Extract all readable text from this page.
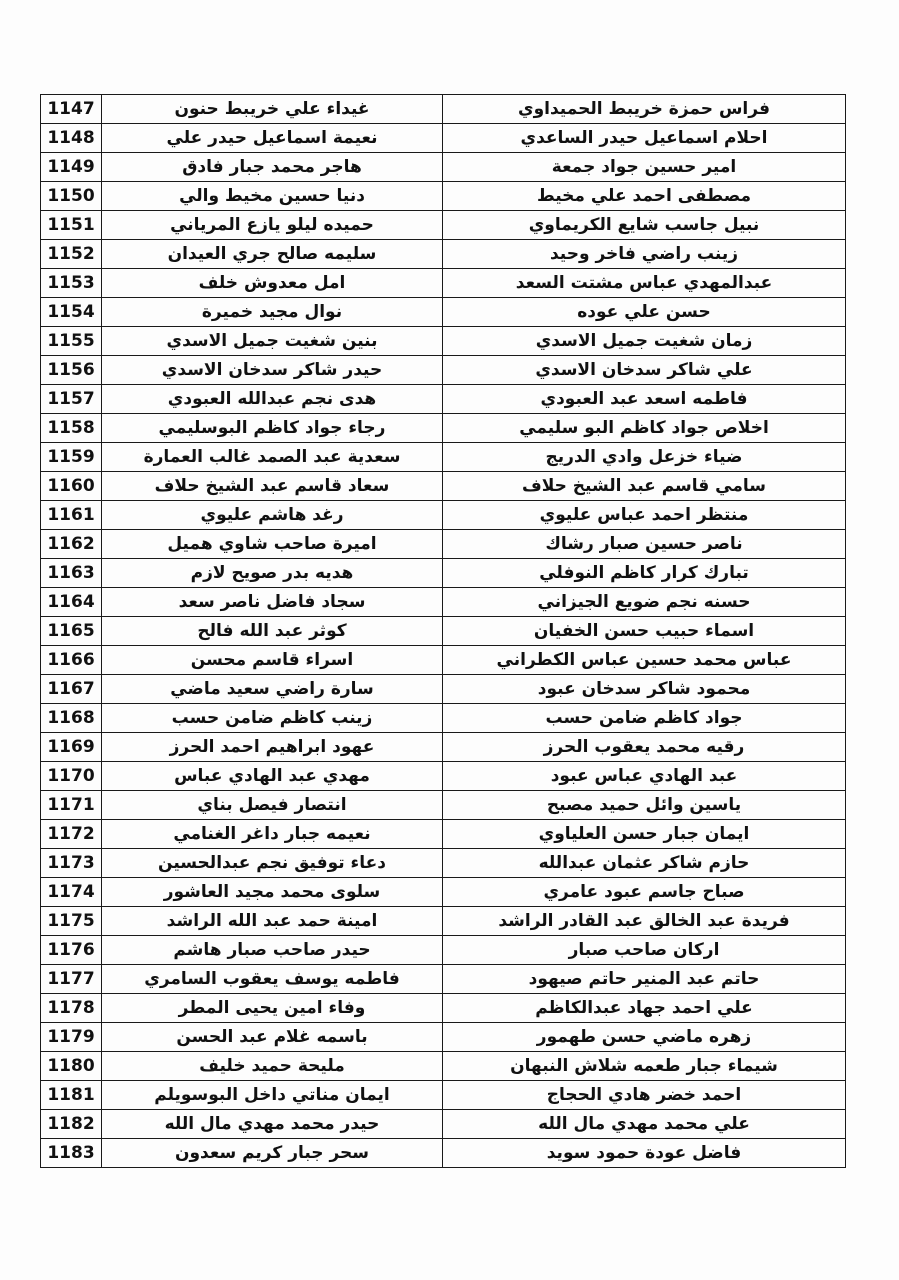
1147	غيداء علي خريبط حنون	فراس حمزة خريبط الحميداوي
1148	نعيمة اسماعيل حيدر علي	احلام اسماعيل حيدر الساعدي
1149	هاجر محمد جبار فادق	امير حسين جواد جمعة
1150	دنيا حسين مخيط والي	مصطفى احمد علي مخيط
1151	حميده ليلو يازع المرياني	نبيل جاسب شايع الكريماوي
1152	سليمه صالح جري العيدان	زينب راضي فاخر وحيد
1153	امل معدوش خلف	عبدالمهدي عباس مشتت السعد
1154	نوال مجيد خميرة	حسن علي عوده
1155	بنين شغيت جميل الاسدي	زمان شغيت جميل الاسدي
1156	حيدر شاكر سدخان الاسدي	علي شاكر سدخان الاسدي
1157	هدى نجم عبدالله العبودي	فاطمه اسعد عبد العبودي
1158	رجاء جواد كاظم البوسليمي	اخلاص جواد كاظم البو سليمي
1159	سعدية عبد الصمد غالب العمارة	ضياء خزعل وادي الدريج
1160	سعاد قاسم عبد الشيخ حلاف	سامي قاسم عبد الشيخ حلاف
1161	رغد هاشم عليوي	منتظر احمد عباس عليوي
1162	اميرة صاحب شاوي هميل	ناصر حسين صبار رشاك
1163	هديه بدر صويح لازم	تبارك كرار كاظم النوفلي
1164	سجاد فاضل ناصر سعد	حسنه نجم ضويع الجيزاني
1165	كوثر عبد الله فالح	اسماء حبيب حسن الخفيان
1166	اسراء قاسم محسن	عباس محمد حسين عباس الكطراني
1167	سارة راضي سعيد ماضي	محمود شاكر سدخان عبود
1168	زينب كاظم ضامن حسب	جواد كاظم ضامن حسب
1169	عهود ابراهيم احمد الحرز	رقيه محمد يعقوب الحرز
1170	مهدي عبد الهادي عباس	عبد الهادي عباس عبود
1171	انتصار فيصل بناي	ياسين وائل حميد مصبح
1172	نعيمه جبار داغر الغنامي	ايمان جبار حسن العلياوي
1173	دعاء توفيق نجم عبدالحسين	حازم شاكر عثمان عبدالله
1174	سلوى محمد مجيد العاشور	صباح جاسم عبود عامري
1175	امينة حمد عبد الله الراشد	فريدة عبد الخالق عبد القادر الراشد
1176	حيدر صاحب صبار هاشم	اركان صاحب صبار
1177	فاطمه يوسف يعقوب السامري	حاتم عبد المنير حاتم صيهود
1178	وفاء امين يحيى المطر	علي احمد جهاد عبدالكاظم
1179	باسمه غلام عبد الحسن	زهره ماضي حسن طهمور
1180	مليحة حميد خليف	شيماء جبار طعمه شلاش النبهان
1181	ايمان مناتي داخل البوسويلم	احمد خضر هادي الحجاج
1182	حيدر محمد مهدي مال الله	علي محمد مهدي مال الله
1183	سحر جبار كريم سعدون	فاضل عودة حمود سويد
